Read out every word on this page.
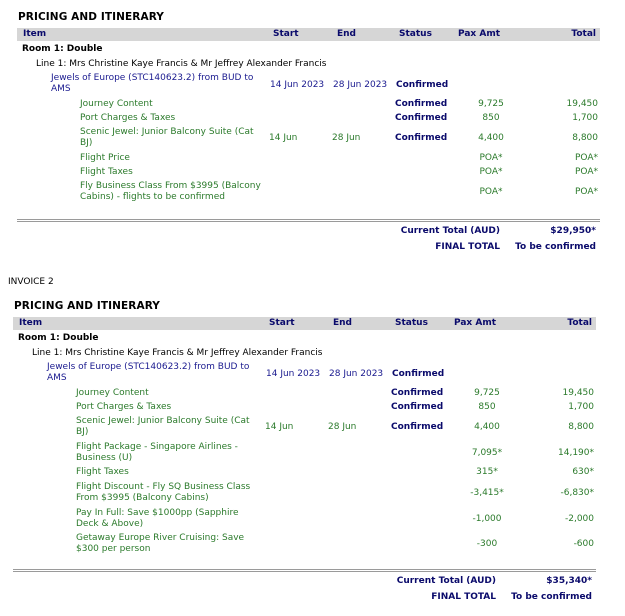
PRICING AND ITINERARY
Item	Start	End	Status	Pax Amt	Total
Room 1: Double
Line 1: Mrs Christine Kaye Francis & Mr Jeffrey Alexander Francis
Jewels of Europe (STC140623.2) from BUD to
AMS	14 Jun 2023 28 Jun 2023 Confirmed
Journey Content	Confirmed	9,725	19,450
Port Charges & Taxes	Confirmed	850	1,700
Scenic Jewel: Junior Balcony Suite (Cat
BJ)	14 Jun	28 Jun	Confirmed	4,400	8,800
Flight Price	POA*	POA*
Flight Taxes	POA*	POA*
Fly Business Class From $3995 (Balcony
Cabins) - flights to be confirmed	POA*	POA*
Current Total (AUD)	$29,950*
FINAL TOTAL To be confirmed
INVOICE 2
PRICING AND ITINERARY
Item	Start	End	Status	Pax Amt	Total
Room 1: Double
Line 1: Mrs Christine Kaye Francis & Mr Jeffrey Alexander Francis
Jewels of Europe (STC140623.2) from BUD to
AMS	14 Jun 2023 28 Jun 2023 Confirmed
Journey Content	Confirmed	9,725	19,450
Port Charges & Taxes	Confirmed	850	1,700
Scenic Jewel: Junior Balcony Suite (Cat
BJ)	14 Jun	28 Jun	Confirmed	4,400	8,800
Flight Package - Singapore Airlines -
Business (U)	7,095*	14,190*
Flight Taxes	315*	630*
Flight Discount - Fly SQ Business Class
From $3995 (Balcony Cabins)	-3,415*	-6,830*
Pay In Full: Save $1000pp (Sapphire
Deck & Above)	-1,000	-2,000
Getaway Europe River Cruising: Save
$300 per person	-300	-600
Current Total (AUD)	$35,340*
FINAL TOTAL To be confirmed
